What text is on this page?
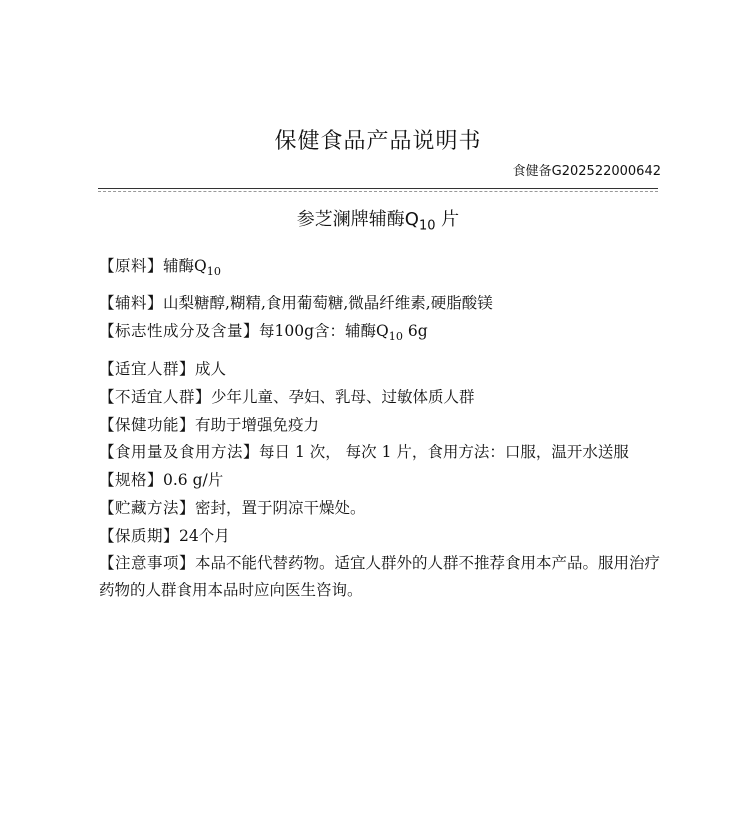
保健食品产品说明书
食健备G202522000642
参芝澜牌辅酶$Q_{10}$ 片

【原料】辅酶$Q_{10}$

【辅料】山梨糖醇,糊精,食用葡萄糖,微晶纤维素,硬脂酸镁

【标志性成分及含量】每100g含：辅酶$Q_{10}$ 6g

【适宜人群】成人

【不适宜人群】少年儿童、孕妇、乳母、过敏体质人群

【保健功能】有助于增强免疫力

【食用量及食用方法】每日 1 次， 每次 1 片，食用方法：口服，温开水送服

【规格】0.6 g/片

【贮藏方法】密封，置于阴凉干燥处。

【保质期】24个月

【注意事项】本品不能代替药物。适宜人群外的人群不推荐食用本产品。服用治疗药物的人群食用本品时应向医生咨询。
